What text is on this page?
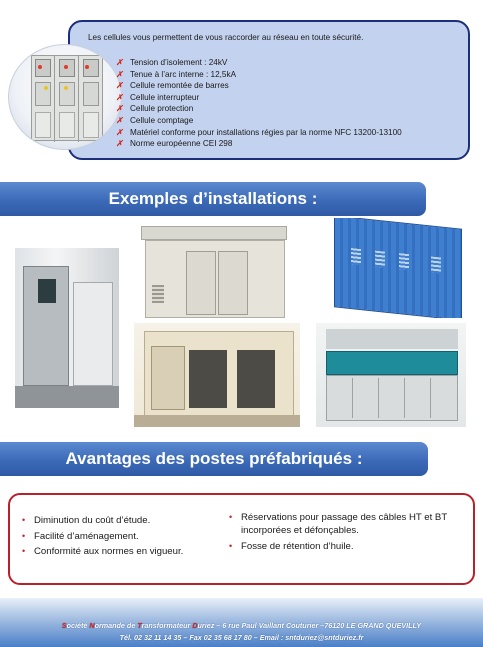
Les cellules vous permettent de vous raccorder au réseau en toute sécurité.
✗ Tension d’isolement : 24kV
✗ Tenue à l’arc interne : 12,5kA
✗ Cellule remontée de barres
✗ Cellule interrupteur
✗ Cellule protection
✗ Cellule comptage
✗ Matériel conforme pour installations régies par la norme NFC 13200-13100
✗ Norme européenne CEI 298
Exemples d’installations :
Avantages des postes préfabriqués :
• Diminution du coût d’étude.
• Facilité d’aménagement.
• Conformité aux normes en vigueur.
• Réservations pour passage des câbles HT et BT incorporées et défonçables.
• Fosse de rétention d’huile.
Société Normande de Transformateur Duriez – 6 rue Paul Vaillant Couturier –76120 LE GRAND QUEVILLY
Tél. 02 32 11 14 35 – Fax 02 35 68 17 80 – Email : sntduriez@sntduriez.fr
